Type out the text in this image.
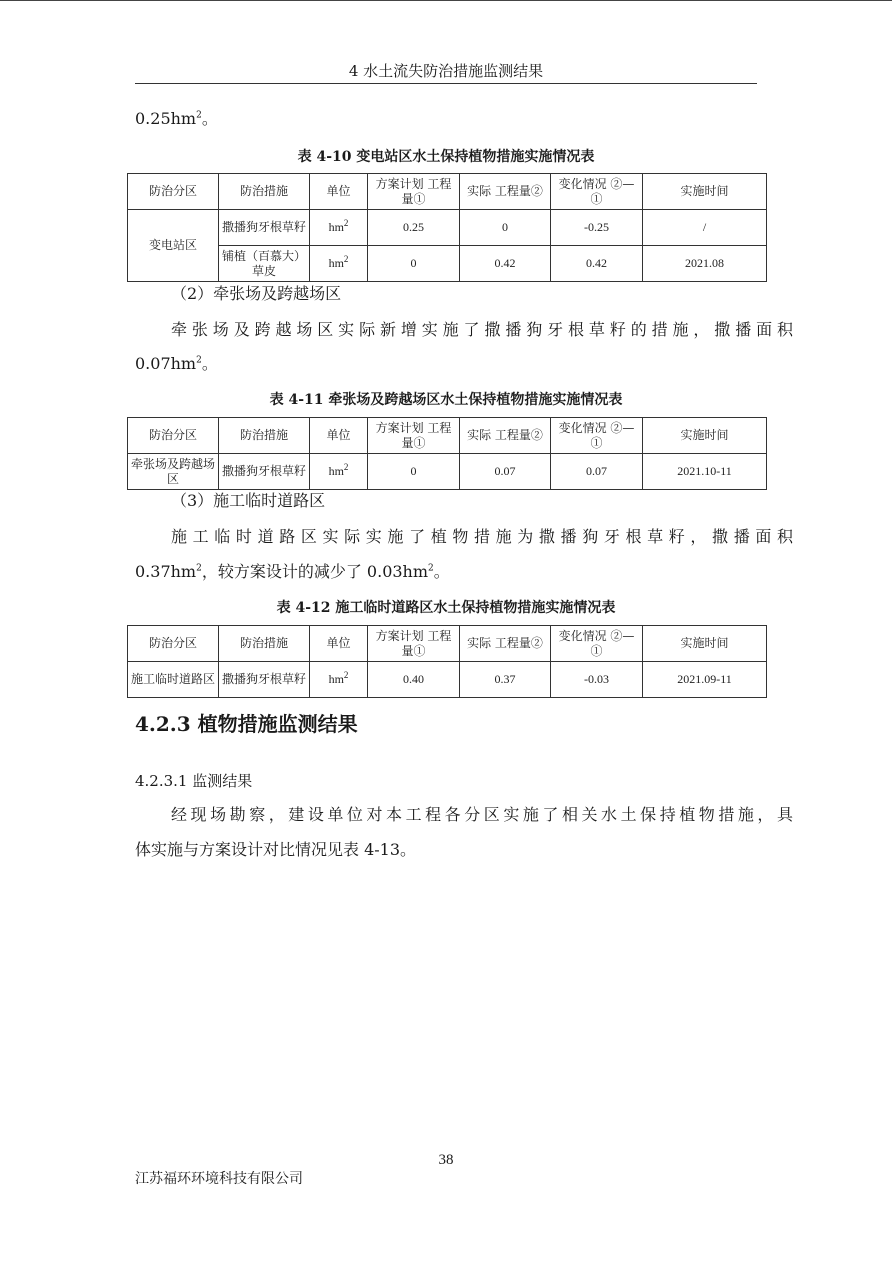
4 水土流失防治措施监测结果
$0.25hm^2$。
表 4-10 变电站区水土保持植物措施实施情况表
防治分区	防治措施	单位	方案计划 工程量①	实际 工程量②	变化情况 ②—①	实施时间
变电站区	撒播狗牙根草籽	$hm^2$	0.25	0	-0.25	/
	铺植（百慕大）草皮	$hm^2$	0	0.42	0.42	2021.08
（2）牵张场及跨越场区
牵张场及跨越场区实际新增实施了撒播狗牙根草籽的措施，撒播面积
$0.07hm^2$。
表 4-11 牵张场及跨越场区水土保持植物措施实施情况表
防治分区	防治措施	单位	方案计划 工程量①	实际 工程量②	变化情况 ②—①	实施时间
牵张场及跨越场区	撒播狗牙根草籽	$hm^2$	0	0.07	0.07	2021.10-11
（3）施工临时道路区
施工临时道路区实际实施了植物措施为撒播狗牙根草籽，撒播面积
$0.37hm^2$，较方案设计的减少了 $0.03hm^2$。
表 4-12 施工临时道路区水土保持植物措施实施情况表
防治分区	防治措施	单位	方案计划 工程量①	实际 工程量②	变化情况 ②—①	实施时间
施工临时道路区	撒播狗牙根草籽	$hm^2$	0.40	0.37	-0.03	2021.09-11
4.2.3 植物措施监测结果
4.2.3.1 监测结果
经现场勘察，建设单位对本工程各分区实施了相关水土保持植物措施，具
体实施与方案设计对比情况见表 4-13。
38
江苏福环环境科技有限公司
